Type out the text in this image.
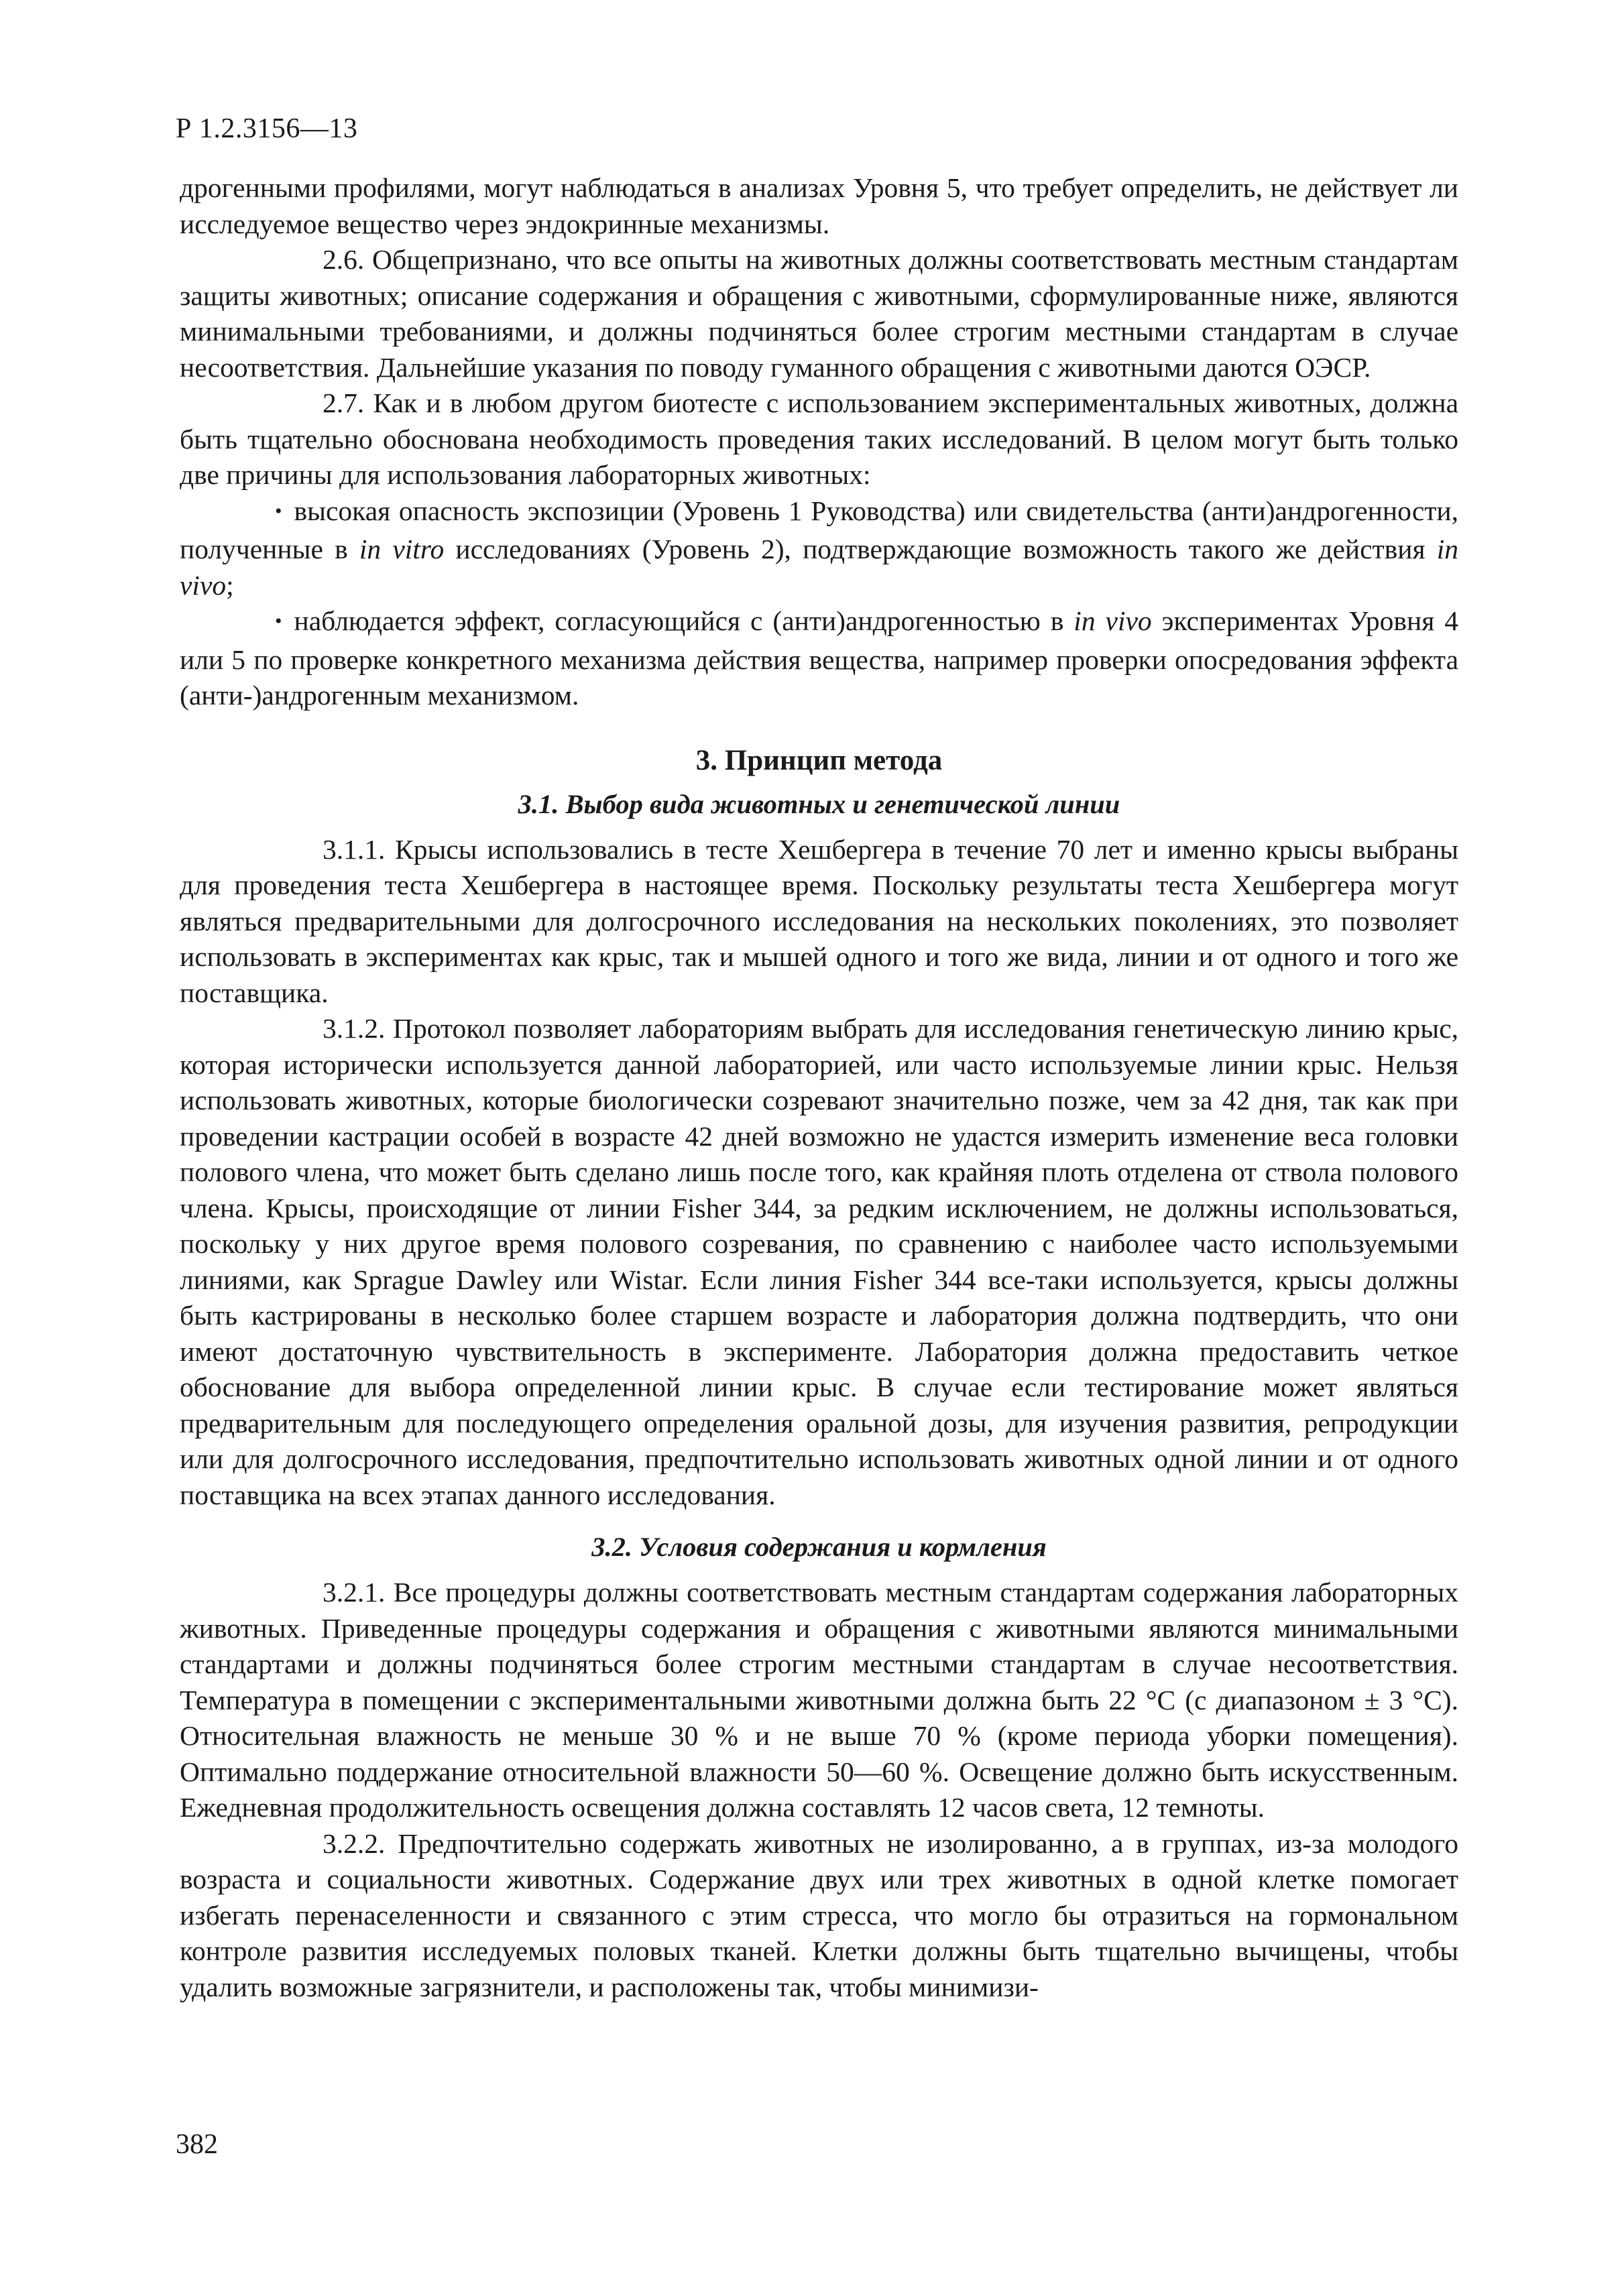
Р 1.2.3156—13

дрогенными профилями, могут наблюдаться в анализах Уровня 5, что требует определить, не действует ли исследуемое вещество через эндокринные механизмы.

2.6. Общепризнано, что все опыты на животных должны соответствовать местным стандартам защиты животных; описание содержания и обращения с животными, сформулированные ниже, являются минимальными требованиями, и должны подчиняться более строгим местными стандартам в случае несоответствия. Дальнейшие указания по поводу гуманного обращения с животными даются ОЭСР.

2.7. Как и в любом другом биотесте с использованием экспериментальных животных, должна быть тщательно обоснована необходимость проведения таких исследований. В целом могут быть только две причины для использования лабораторных животных:

• высокая опасность экспозиции (Уровень 1 Руководства) или свидетельства (анти)андрогенности, полученные в in vitro исследованиях (Уровень 2), подтверждающие возможность такого же действия in vivo;

• наблюдается эффект, согласующийся с (анти)андрогенностью в in vivo экспериментах Уровня 4 или 5 по проверке конкретного механизма действия вещества, например проверки опосредования эффекта (анти-)андрогенным механизмом.

3. Принцип метода
3.1. Выбор вида животных и генетической линии

3.1.1. Крысы использовались в тесте Хешбергера в течение 70 лет и именно крысы выбраны для проведения теста Хешбергера в настоящее время. Поскольку результаты теста Хешбергера могут являться предварительными для долгосрочного исследования на нескольких поколениях, это позволяет использовать в экспериментах как крыс, так и мышей одного и того же вида, линии и от одного и того же поставщика.

3.1.2. Протокол позволяет лабораториям выбрать для исследования генетическую линию крыс, которая исторически используется данной лабораторией, или часто используемые линии крыс. Нельзя использовать животных, которые биологически созревают значительно позже, чем за 42 дня, так как при проведении кастрации особей в возрасте 42 дней возможно не удастся измерить изменение веса головки полового члена, что может быть сделано лишь после того, как крайняя плоть отделена от ствола полового члена. Крысы, происходящие от линии Fisher 344, за редким исключением, не должны использоваться, поскольку у них другое время полового созревания, по сравнению с наиболее часто используемыми линиями, как Sprague Dawley или Wistar. Если линия Fisher 344 все-таки используется, крысы должны быть кастрированы в несколько более старшем возрасте и лаборатория должна подтвердить, что они имеют достаточную чувствительность в эксперименте. Лаборатория должна предоставить четкое обоснование для выбора определенной линии крыс. В случае если тестирование может являться предварительным для последующего определения оральной дозы, для изучения развития, репродукции или для долгосрочного исследования, предпочтительно использовать животных одной линии и от одного поставщика на всех этапах данного исследования.

3.2. Условия содержания и кормления

3.2.1. Все процедуры должны соответствовать местным стандартам содержания лабораторных животных. Приведенные процедуры содержания и обращения с животными являются минимальными стандартами и должны подчиняться более строгим местными стандартам в случае несоответствия. Температура в помещении с экспериментальными животными должна быть 22 °С (с диапазоном ± 3 °С). Относительная влажность не меньше 30 % и не выше 70 % (кроме периода уборки помещения). Оптимально поддержание относительной влажности 50—60 %. Освещение должно быть искусственным. Ежедневная продолжительность освещения должна составлять 12 часов света, 12 темноты.

3.2.2. Предпочтительно содержать животных не изолированно, а в группах, из-за молодого возраста и социальности животных. Содержание двух или трех животных в одной клетке помогает избегать перенаселенности и связанного с этим стресса, что могло бы отразиться на гормональном контроле развития исследуемых половых тканей. Клетки должны быть тщательно вычищены, чтобы удалить возможные загрязнители, и расположены так, чтобы минимизи-

382
